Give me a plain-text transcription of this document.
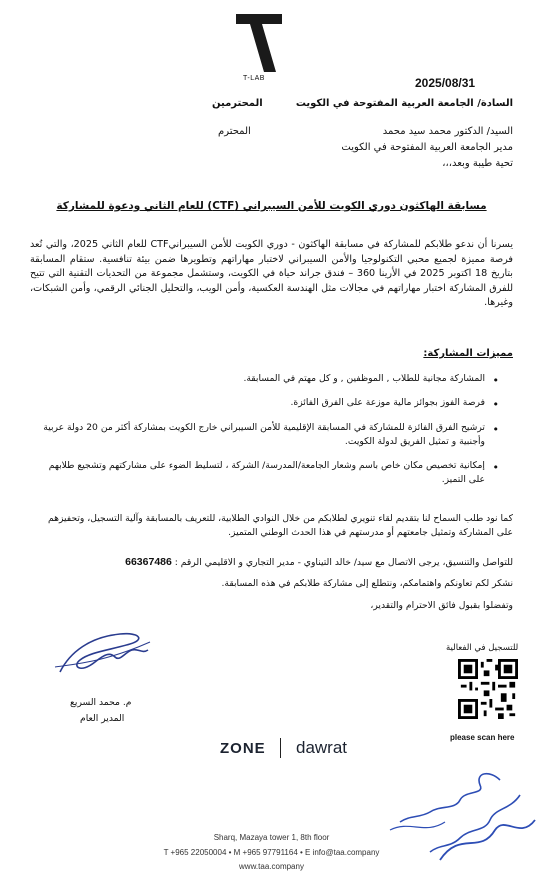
T-LAB	2025/08/31
السادة/ الجامعة العربية المفتوحة في الكويت
المحترمين
السيد/ الدكتور محمد سيد محمد
المحترم
مدير الجامعة العربية المفتوحة في الكويت
تحية طيبة وبعد،،،
مسابقة الهاكثون دوري الكويت للأمن السيبراني (CTF) للعام الثاني ودعوة للمشاركة
يسرنا أن ندعو طلابكم للمشاركة في مسابقة الهاكثون - دوري الكويت للأمن السيبرانيCTF للعام الثاني 2025، والتي تُعد فرصة مميزة لجميع محبي التكنولوجيا والأمن السيبراني لاختبار مهاراتهم وتطويرها ضمن بيئة تنافسية. ستقام المسابقة بتاريخ 18 اكتوبر 2025 في الأرينا 360 – فندق جراند حياة في الكويت، وستشمل مجموعة من التحديات التقنية التي تتيح للفرق المشاركة اختبار مهاراتهم في مجالات مثل الهندسة العكسية، وأمن الويب، والتحليل الجنائي الرقمي، وأمن الشبكات، وغيرها.
مميزات المشاركة:
• المشاركة مجانية للطلاب , الموظفين , و كل مهتم في المسابقة.
• فرصة الفوز بجوائز مالية موزعة على الفرق الفائزة.
• ترشيح الفرق الفائزة للمشاركة في المسابقة الإقليمية للأمن السيبراني خارج الكويت بمشاركة أكثر من 20 دولة عربية وأجنبية و تمثيل الفريق لدولة الكويت.
• إمكانية تخصيص مكان خاص باسم وشعار الجامعة/المدرسة/ الشركة ، لتسليط الضوء على مشاركتهم وتشجيع طلابهم على التميز.
كما نود طلب السماح لنا بتقديم لقاء تنويري لطلابكم من خلال النوادي الطلابية، للتعريف بالمسابقة وآلية التسجيل، وتحفيزهم على المشاركة وتمثيل جامعتهم أو مدرستهم في هذا الحدث الوطني المتميز.
للتواصل والتنسيق، يرجى الاتصال مع سيد/ خالد التيناوي - مدير التجاري و الاقليمي الرقم : 66367486
نشكر لكم تعاونكم واهتمامكم، ونتطلع إلى مشاركة طلابكم في هذه المسابقة.
وتفضلوا بقبول فائق الاحترام والتقدير،
م. محمد السريع
المدير العام
للتسجيل في الفعالية
please scan here
ZONE dawrat
Sharq, Mazaya tower 1, 8th floor
T +965 22050004 • M +965 97791164 • E info@taa.company
www.taa.company
